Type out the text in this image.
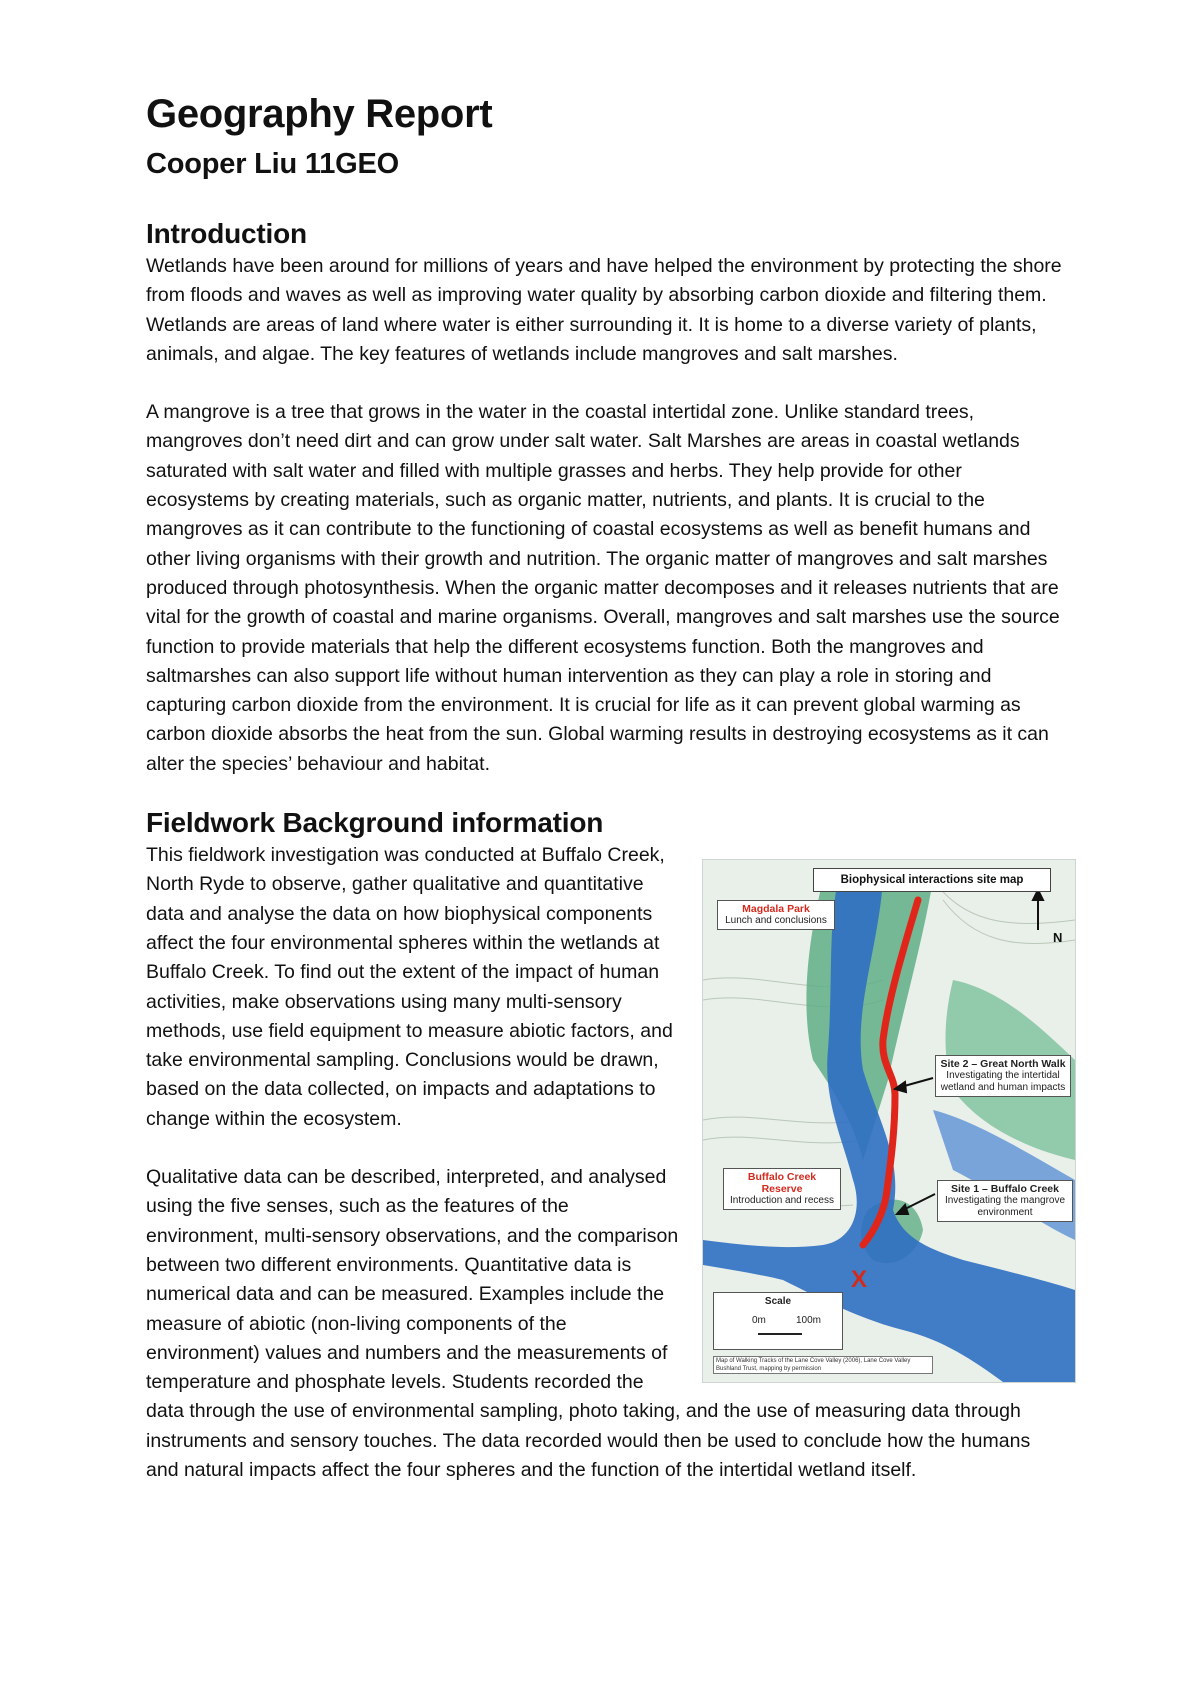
Geography Report
Cooper Liu 11GEO
Introduction

Wetlands have been around for millions of years and have helped the environment by protecting the shore from floods and waves as well as improving water quality by absorbing carbon dioxide and filtering them. Wetlands are areas of land where water is either surrounding it. It is home to a diverse variety of plants, animals, and algae. The key features of wetlands include mangroves and salt marshes.

A mangrove is a tree that grows in the water in the coastal intertidal zone. Unlike standard trees, mangroves don’t need dirt and can grow under salt water. Salt Marshes are areas in coastal wetlands saturated with salt water and filled with multiple grasses and herbs. They help provide for other ecosystems by creating materials, such as organic matter, nutrients, and plants. It is crucial to the mangroves as it can contribute to the functioning of coastal ecosystems as well as benefit humans and other living organisms with their growth and nutrition. The organic matter of mangroves and salt marshes produced through photosynthesis. When the organic matter decomposes and it releases nutrients that are vital for the growth of coastal and marine organisms. Overall, mangroves and salt marshes use the source function to provide materials that help the different ecosystems function. Both the mangroves and saltmarshes can also support life without human intervention as they can play a role in storing and capturing carbon dioxide from the environment. It is crucial for life as it can prevent global warming as carbon dioxide absorbs the heat from the sun. Global warming results in destroying ecosystems as it can alter the species’ behaviour and habitat.

Fieldwork Background information
Biophysical interactions site map
Magdala Park
Lunch and conclusions
Site 2 – Great North Walk
Investigating the intertidal wetland and human impacts
Buffalo Creek Reserve
Introduction and recess
Site 1 – Buffalo Creek
Investigating the mangrove environment
N
X
Scale
0m	100m
Map of Walking Tracks of the Lane Cove Valley (2006), Lane Cove Valley Bushland Trust, mapping by permission

This fieldwork investigation was conducted at Buffalo Creek, North Ryde to observe, gather qualitative and quantitative data and analyse the data on how biophysical components affect the four environmental spheres within the wetlands at Buffalo Creek. To find out the extent of the impact of human activities, make observations using many multi-sensory methods, use field equipment to measure abiotic factors, and take environmental sampling. Conclusions would be drawn, based on the data collected, on impacts and adaptations to change within the ecosystem.

Qualitative data can be described, interpreted, and analysed using the five senses, such as the features of the environment, multi-sensory observations, and the comparison between two different environments. Quantitative data is numerical data and can be measured. Examples include the measure of abiotic (non-living components of the environment) values and numbers and the measurements of temperature and phosphate levels. Students recorded the data through the use of environmental sampling, photo taking, and the use of measuring data through instruments and sensory touches. The data recorded would then be used to conclude how the humans and natural impacts affect the four spheres and the function of the intertidal wetland itself.
